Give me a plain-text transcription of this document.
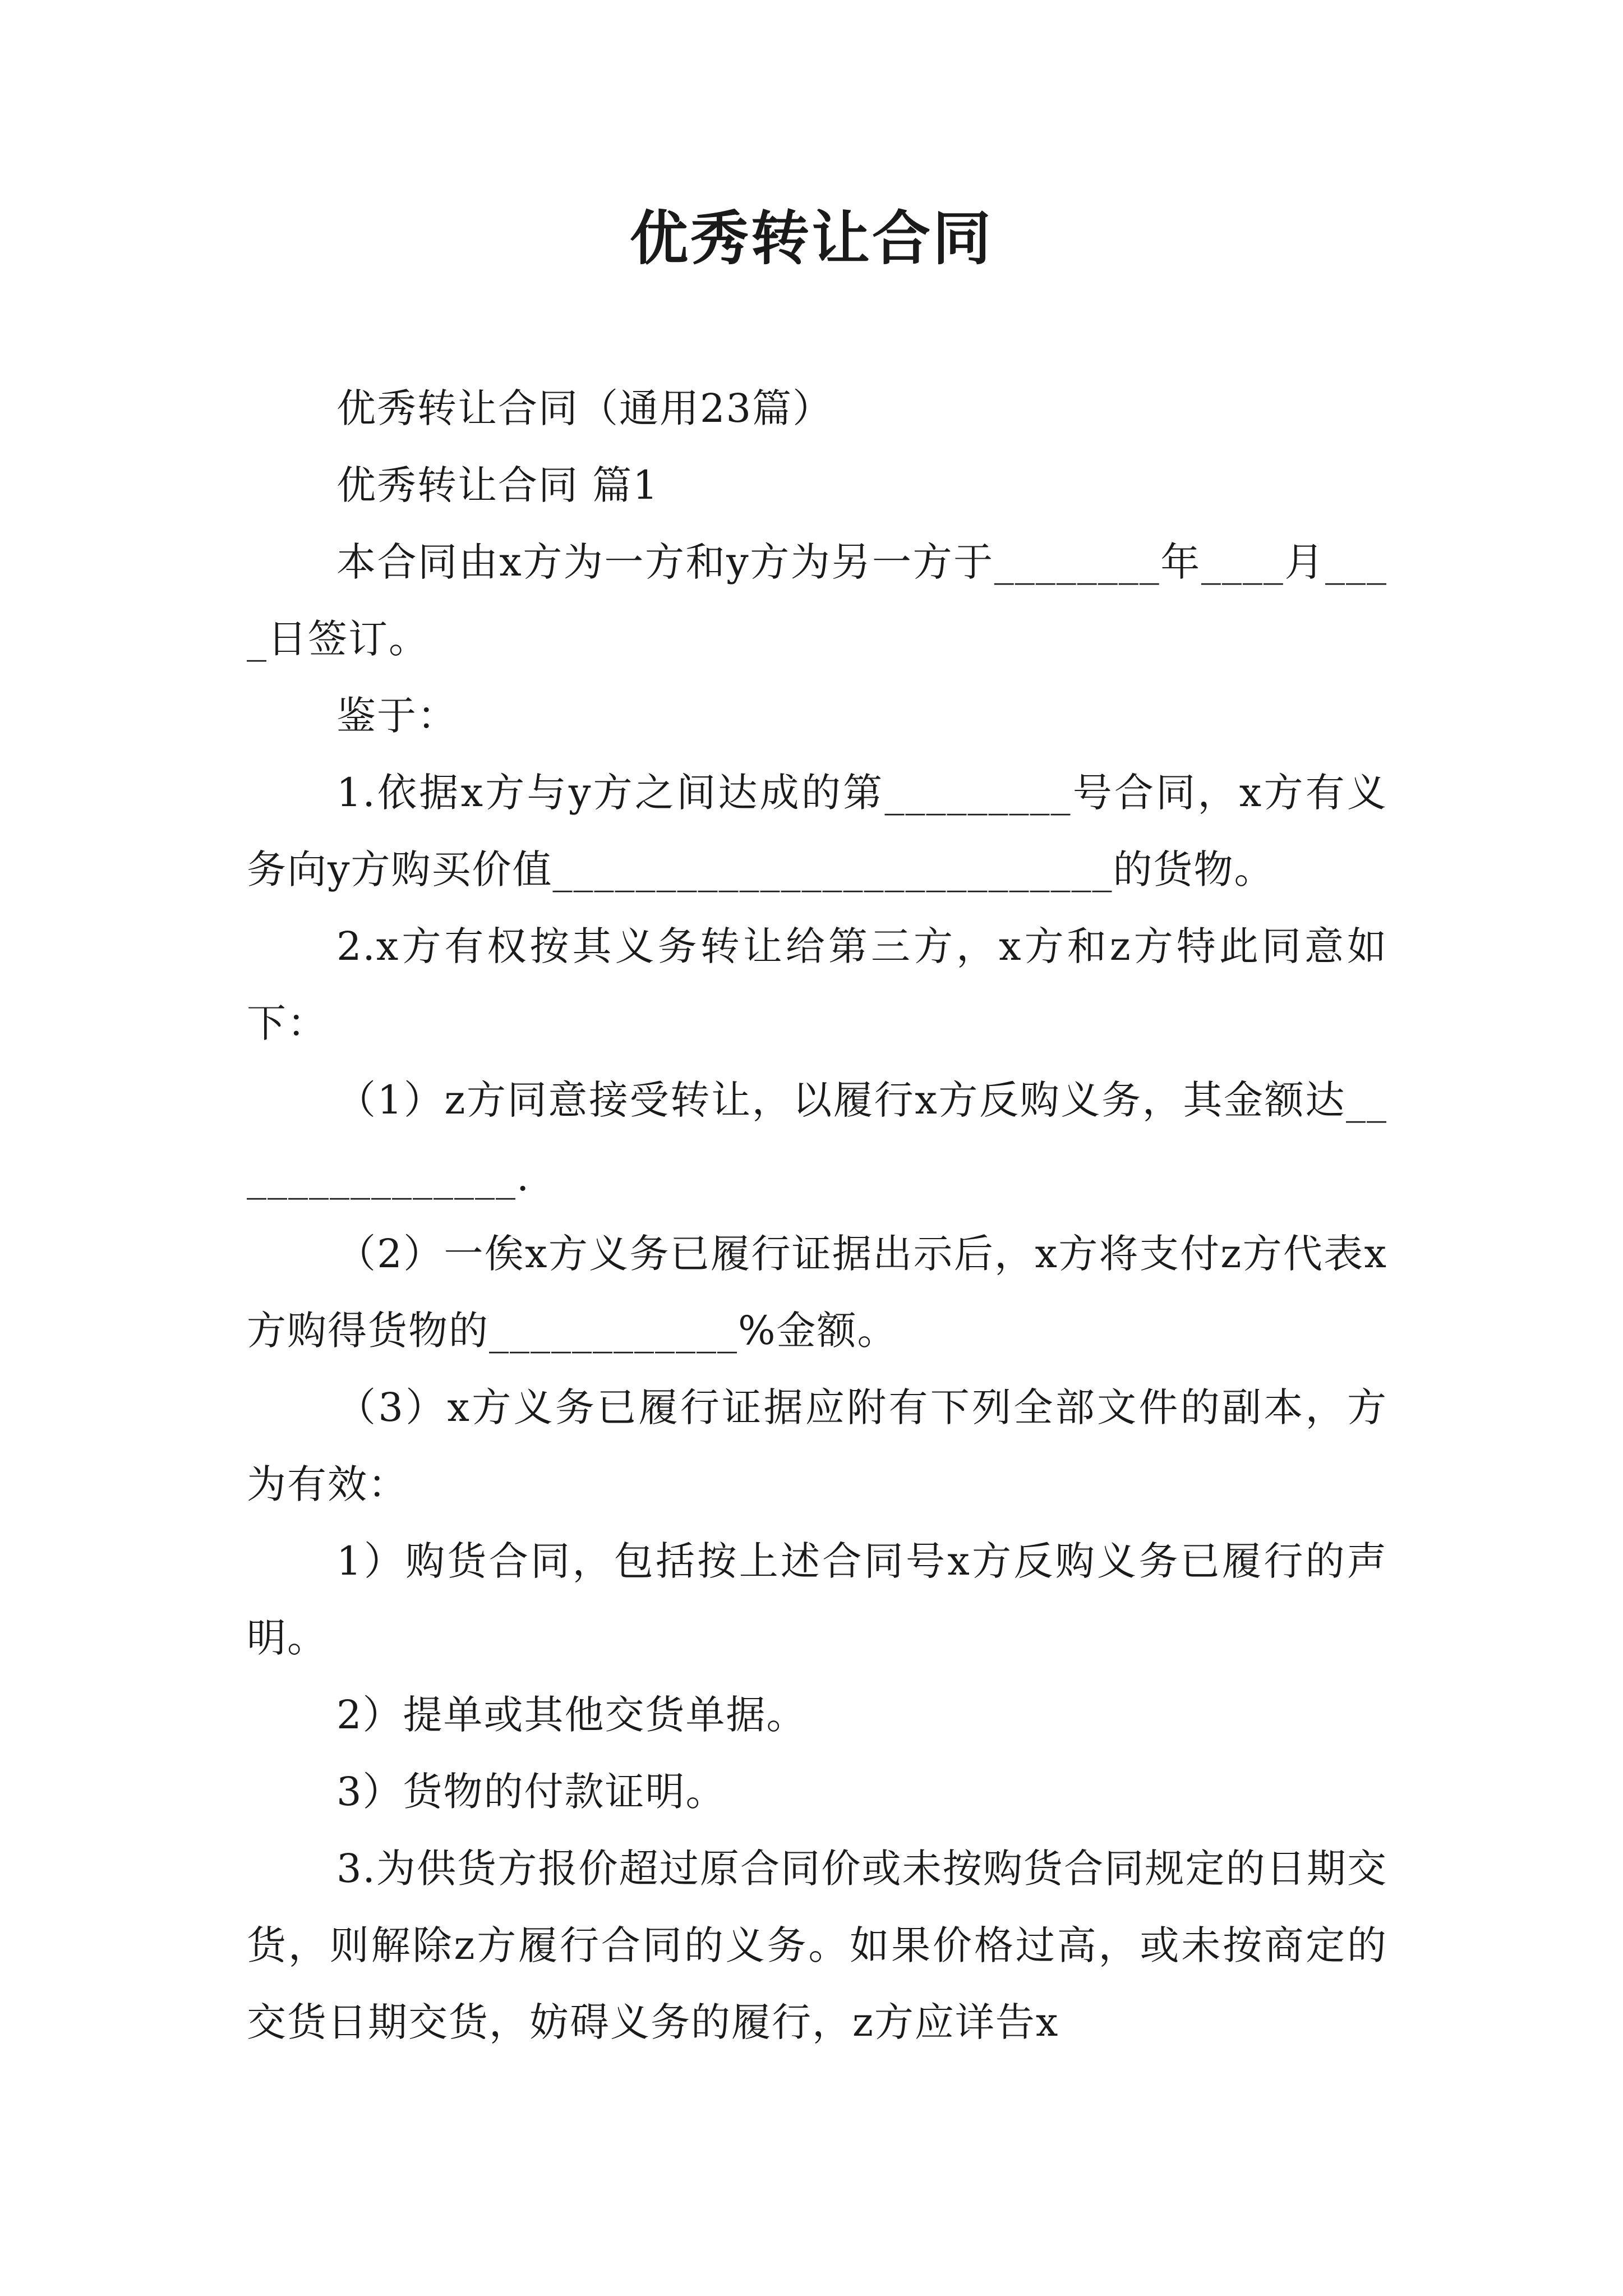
优秀转让合同

优秀转让合同（通用23篇）

优秀转让合同 篇1

本合同由x方为一方和y方为另一方于________年____月____日签订。

鉴于：

1.依据x方与y方之间达成的第_________号合同，x方有义务向y方购买价值___________________________的货物。

2.x方有权按其义务转让给第三方，x方和z方特此同意如下：

（1）z方同意接受转让，以履行x方反购义务，其金额达_______________.

（2）一俟x方义务已履行证据出示后，x方将支付z方代表x方购得货物的____________%金额。

（3）x方义务已履行证据应附有下列全部文件的副本，方为有效：

1）购货合同，包括按上述合同号x方反购义务已履行的声明。

2）提单或其他交货单据。

3）货物的付款证明。

3.为供货方报价超过原合同价或未按购货合同规定的日期交货，则解除z方履行合同的义务。如果价格过高，或未按商定的交货日期交货，妨碍义务的履行，z方应详告x
